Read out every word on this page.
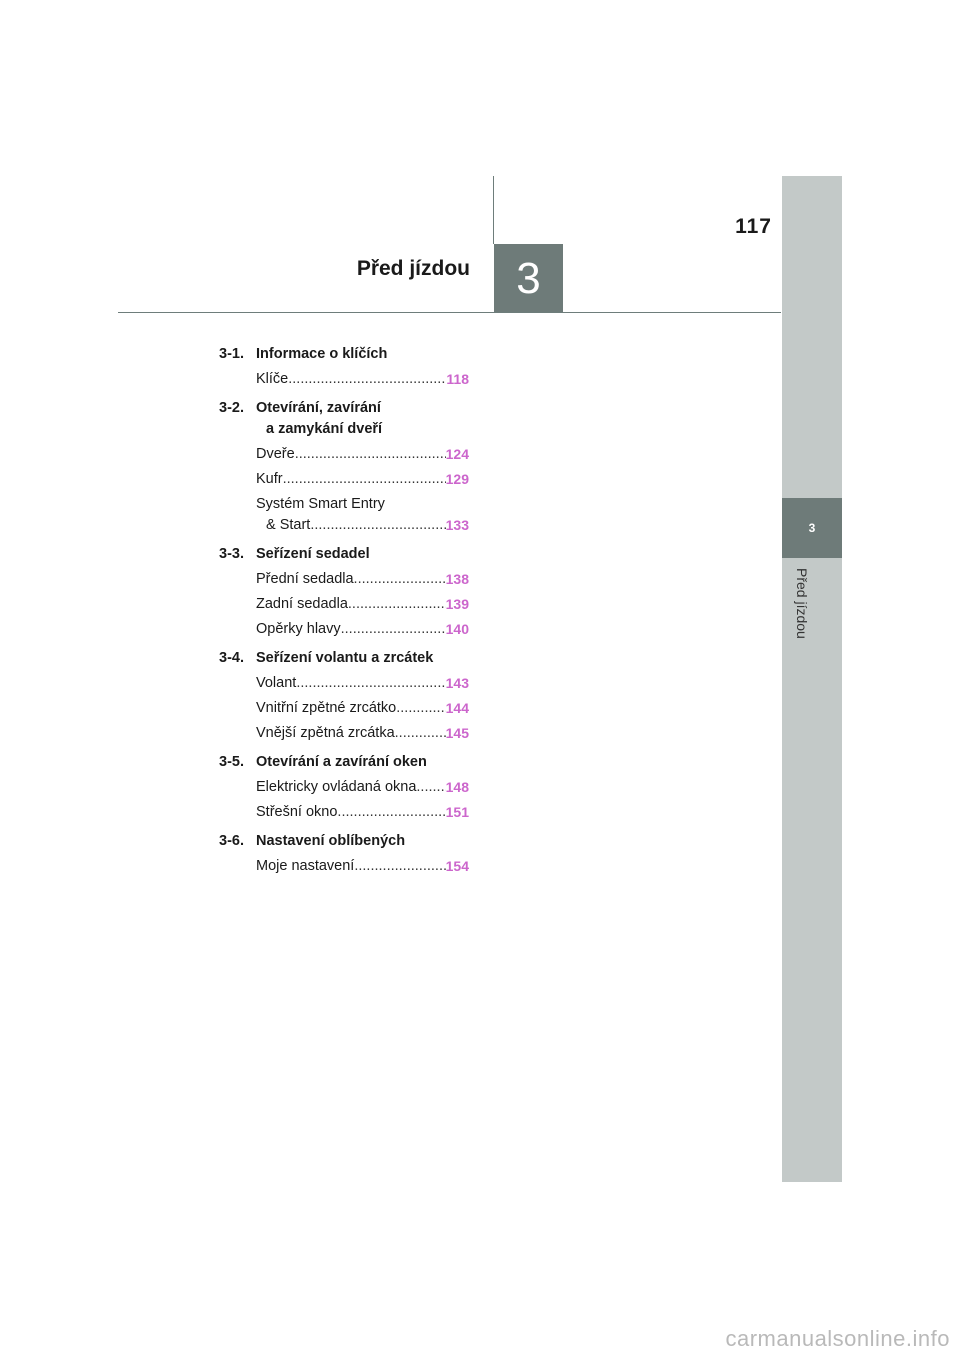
3
117
Před jízdou
3
Před jízdou
3-1. Informace o klíčích
Klíče .....	118
3-2. Otevírání, zavírání
a zamykání dveří
Dveře .....	124
Kufr .....	129
Systém Smart Entry
& Start .....	133
3-3. Seřízení sedadel
Přední sedadla .....	138
Zadní sedadla .....	139
Opěrky hlavy .....	140
3-4. Seřízení volantu a zrcátek
Volant .....	143
Vnitřní zpětné zrcátko .....	144
Vnější zpětná zrcátka .....	145
3-5. Otevírání a zavírání oken
Elektricky ovládaná okna ..... 148
Střešní okno .....	151
3-6. Nastavení oblíbených
Moje nastavení .....	154
carmanualsonline.info
